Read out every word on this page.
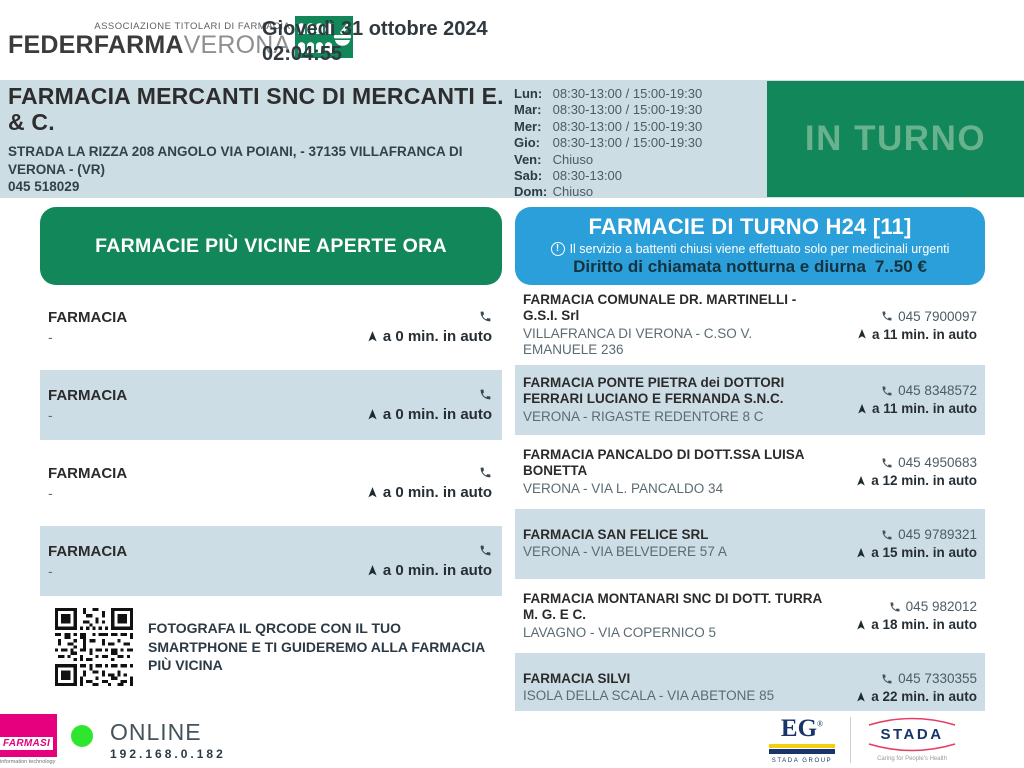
ASSOCIAZIONE TITOLARI DI FARMACIA
FEDERFARMAVERONA
Giovedì 31 ottobre 2024
02:04:55
FARMACIA MERCANTI SNC DI MERCANTI E. & C.
STRADA LA RIZZA 208 ANGOLO VIA POIANI, - 37135 VILLAFRANCA DI VERONA - (VR)
045 518029
Lun: 08:30-13:00 / 15:00-19:30
Mar: 08:30-13:00 / 15:00-19:30
Mer: 08:30-13:00 / 15:00-19:30
Gio: 08:30-13:00 / 15:00-19:30
Ven: Chiuso
Sab: 08:30-13:00
Dom: Chiuso
IN TURNO
FARMACIE PIÙ VICINE APERTE ORA
FARMACIA
-	a 0 min. in auto
FARMACIA
-	a 0 min. in auto
FARMACIA
-	a 0 min. in auto
FARMACIA
-	a 0 min. in auto
FOTOGRAFA IL QRCODE CON IL TUO SMARTPHONE E TI GUIDEREMO ALLA FARMACIA PIÙ VICINA
FARMACIE DI TURNO H24 [11]
! Il servizio a battenti chiusi viene effettuato solo per medicinali urgenti
Diritto di chiamata notturna e diurna 7..50 €
FARMACIA COMUNALE DR. MARTINELLI - G.S.I. Srl
VILLAFRANCA DI VERONA - C.SO V. EMANUELE 236
045 7900097
a 11 min. in auto
FARMACIA PONTE PIETRA dei DOTTORI FERRARI LUCIANO E FERNANDA S.N.C.
VERONA - RIGASTE REDENTORE 8 C
045 8348572
a 11 min. in auto
FARMACIA PANCALDO DI DOTT.SSA LUISA BONETTA
VERONA - VIA L. PANCALDO 34
045 4950683
a 12 min. in auto
FARMACIA SAN FELICE SRL
VERONA - VIA BELVEDERE 57 A
045 9789321
a 15 min. in auto
FARMACIA MONTANARI SNC DI DOTT. TURRA M. G. E C.
LAVAGNO - VIA COPERNICO 5
045 982012
a 18 min. in auto
FARMACIA SILVI
ISOLA DELLA SCALA - VIA ABETONE 85
045 7330355
a 22 min. in auto
FARMASI
information technology
ONLINE
192.168.0.182
EG®
STADA GROUP
STADA
Caring for People's Health
